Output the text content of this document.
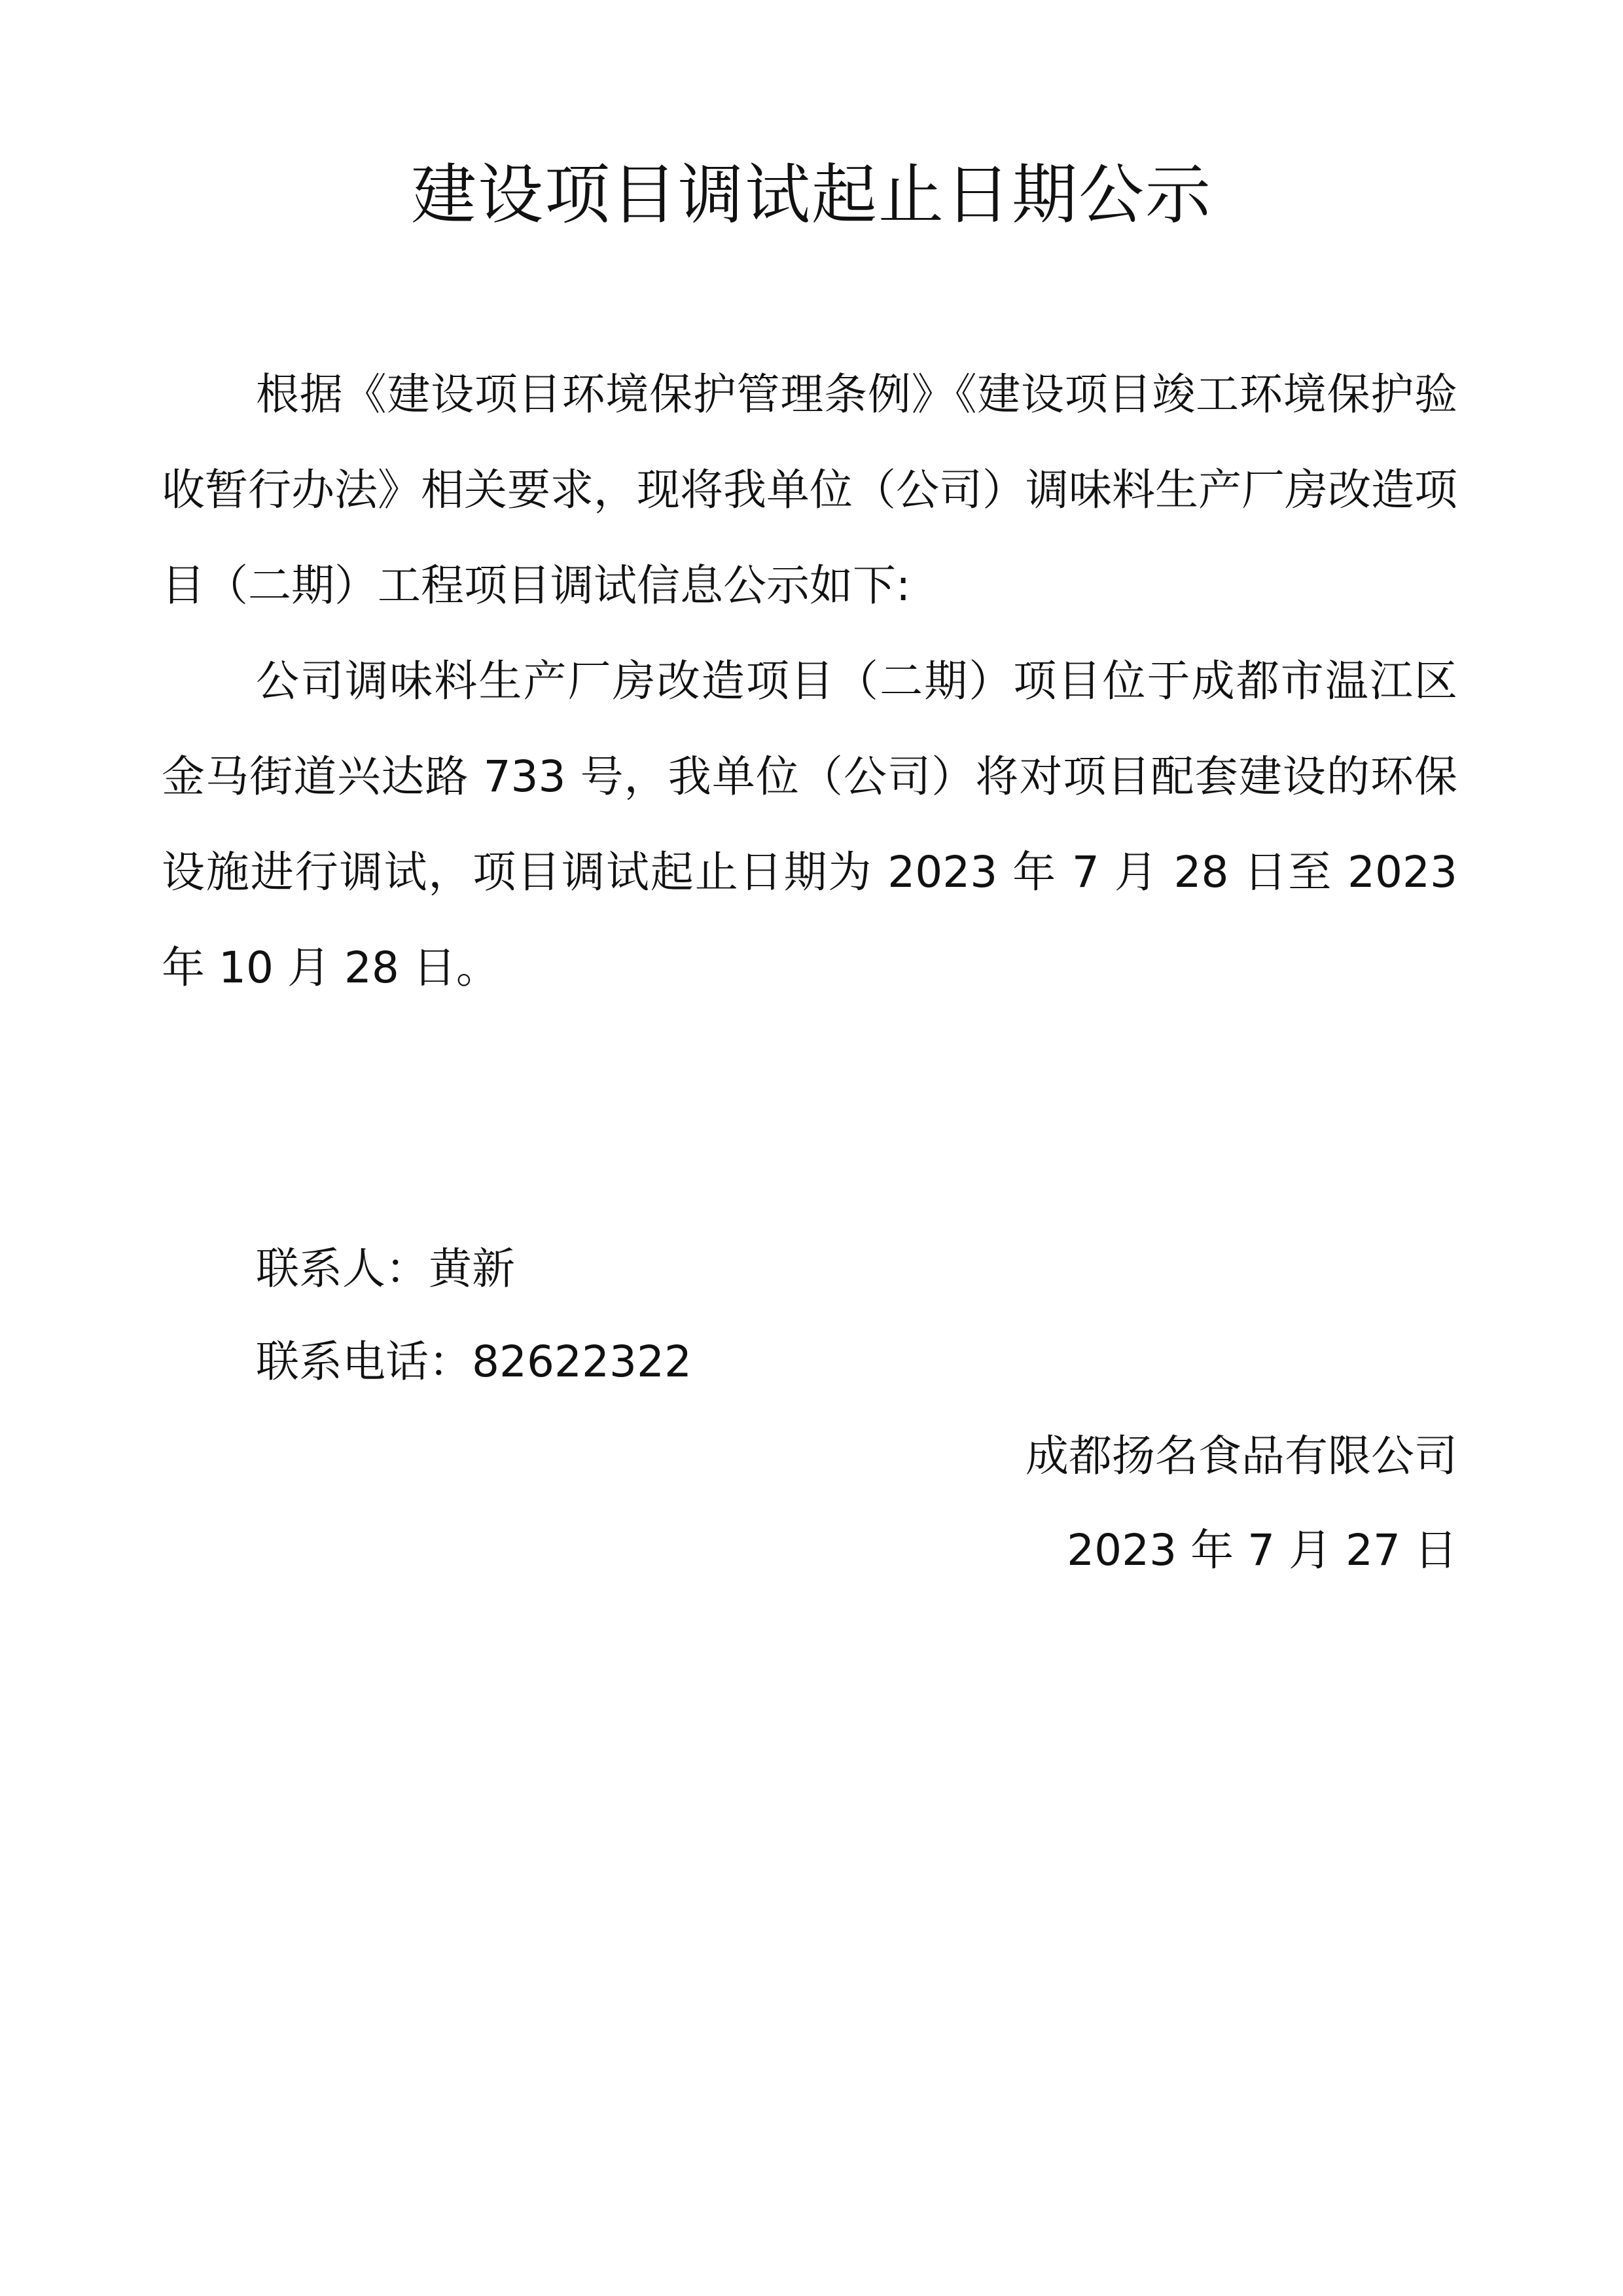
建设项目调试起止日期公示

根据《建设项目环境保护管理条例》《建设项目竣工环境保护验收暂行办法》相关要求，现将我单位（公司）调味料生产厂房改造项目（二期）工程项目调试信息公示如下:

公司调味料生产厂房改造项目（二期）项目位于成都市温江区金马街道兴达路 733 号，我单位（公司）将对项目配套建设的环保设施进行调试，项目调试起止日期为 2023 年 7 月 28 日至 2023 年 10 月 28 日。

联系人：黄新
联系电话：82622322
成都扬名食品有限公司
2023 年 7 月 27 日
